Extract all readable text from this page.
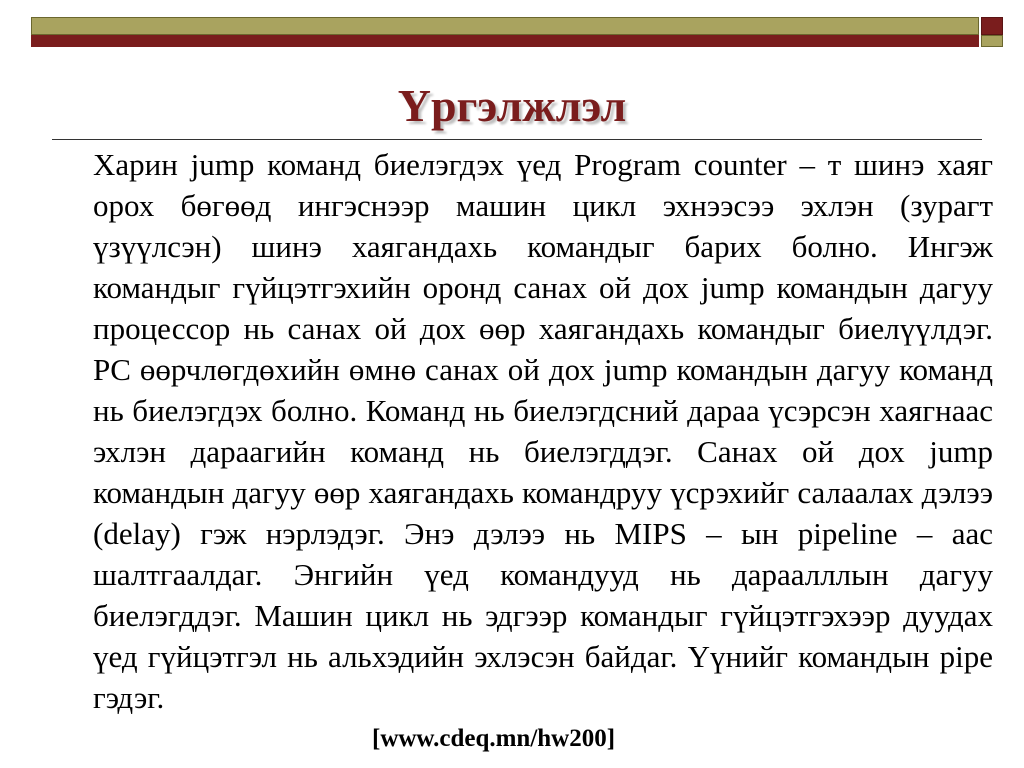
Үргэлжлэл

Харин jump команд биелэгдэх үед Program counter – т шинэ хаяг орох бөгөөд ингэснээр машин цикл эхнээсээ эхлэн (зурагт үзүүлсэн) шинэ хаягандахь командыг барих болно. Ингэж командыг гүйцэтгэхийн оронд санах ой дох jump командын дагуу процессор нь санах ой дох өөр хаягандахь командыг биелүүлдэг. PC өөрчлөгдөхийн өмнө санах ой дох jump командын дагуу команд нь биелэгдэх болно. Команд нь биелэгдсний дараа үсэрсэн хаягнаас эхлэн дараагийн команд нь биелэгддэг. Санах ой дох jump командын дагуу өөр хаягандахь командруу үсрэхийг салаалах дэлээ (delay) гэж нэрлэдэг. Энэ дэлээ нь MIPS – ын pipeline – аас шалтгаалдаг. Энгийн үед командууд нь дараалллын дагуу биелэгддэг. Машин цикл нь эдгээр командыг гүйцэтгэхээр дуудах үед гүйцэтгэл нь альхэдийн эхлэсэн байдаг. Үүнийг командын pipe гэдэг.

[www.cdeq.mn/hw200]
